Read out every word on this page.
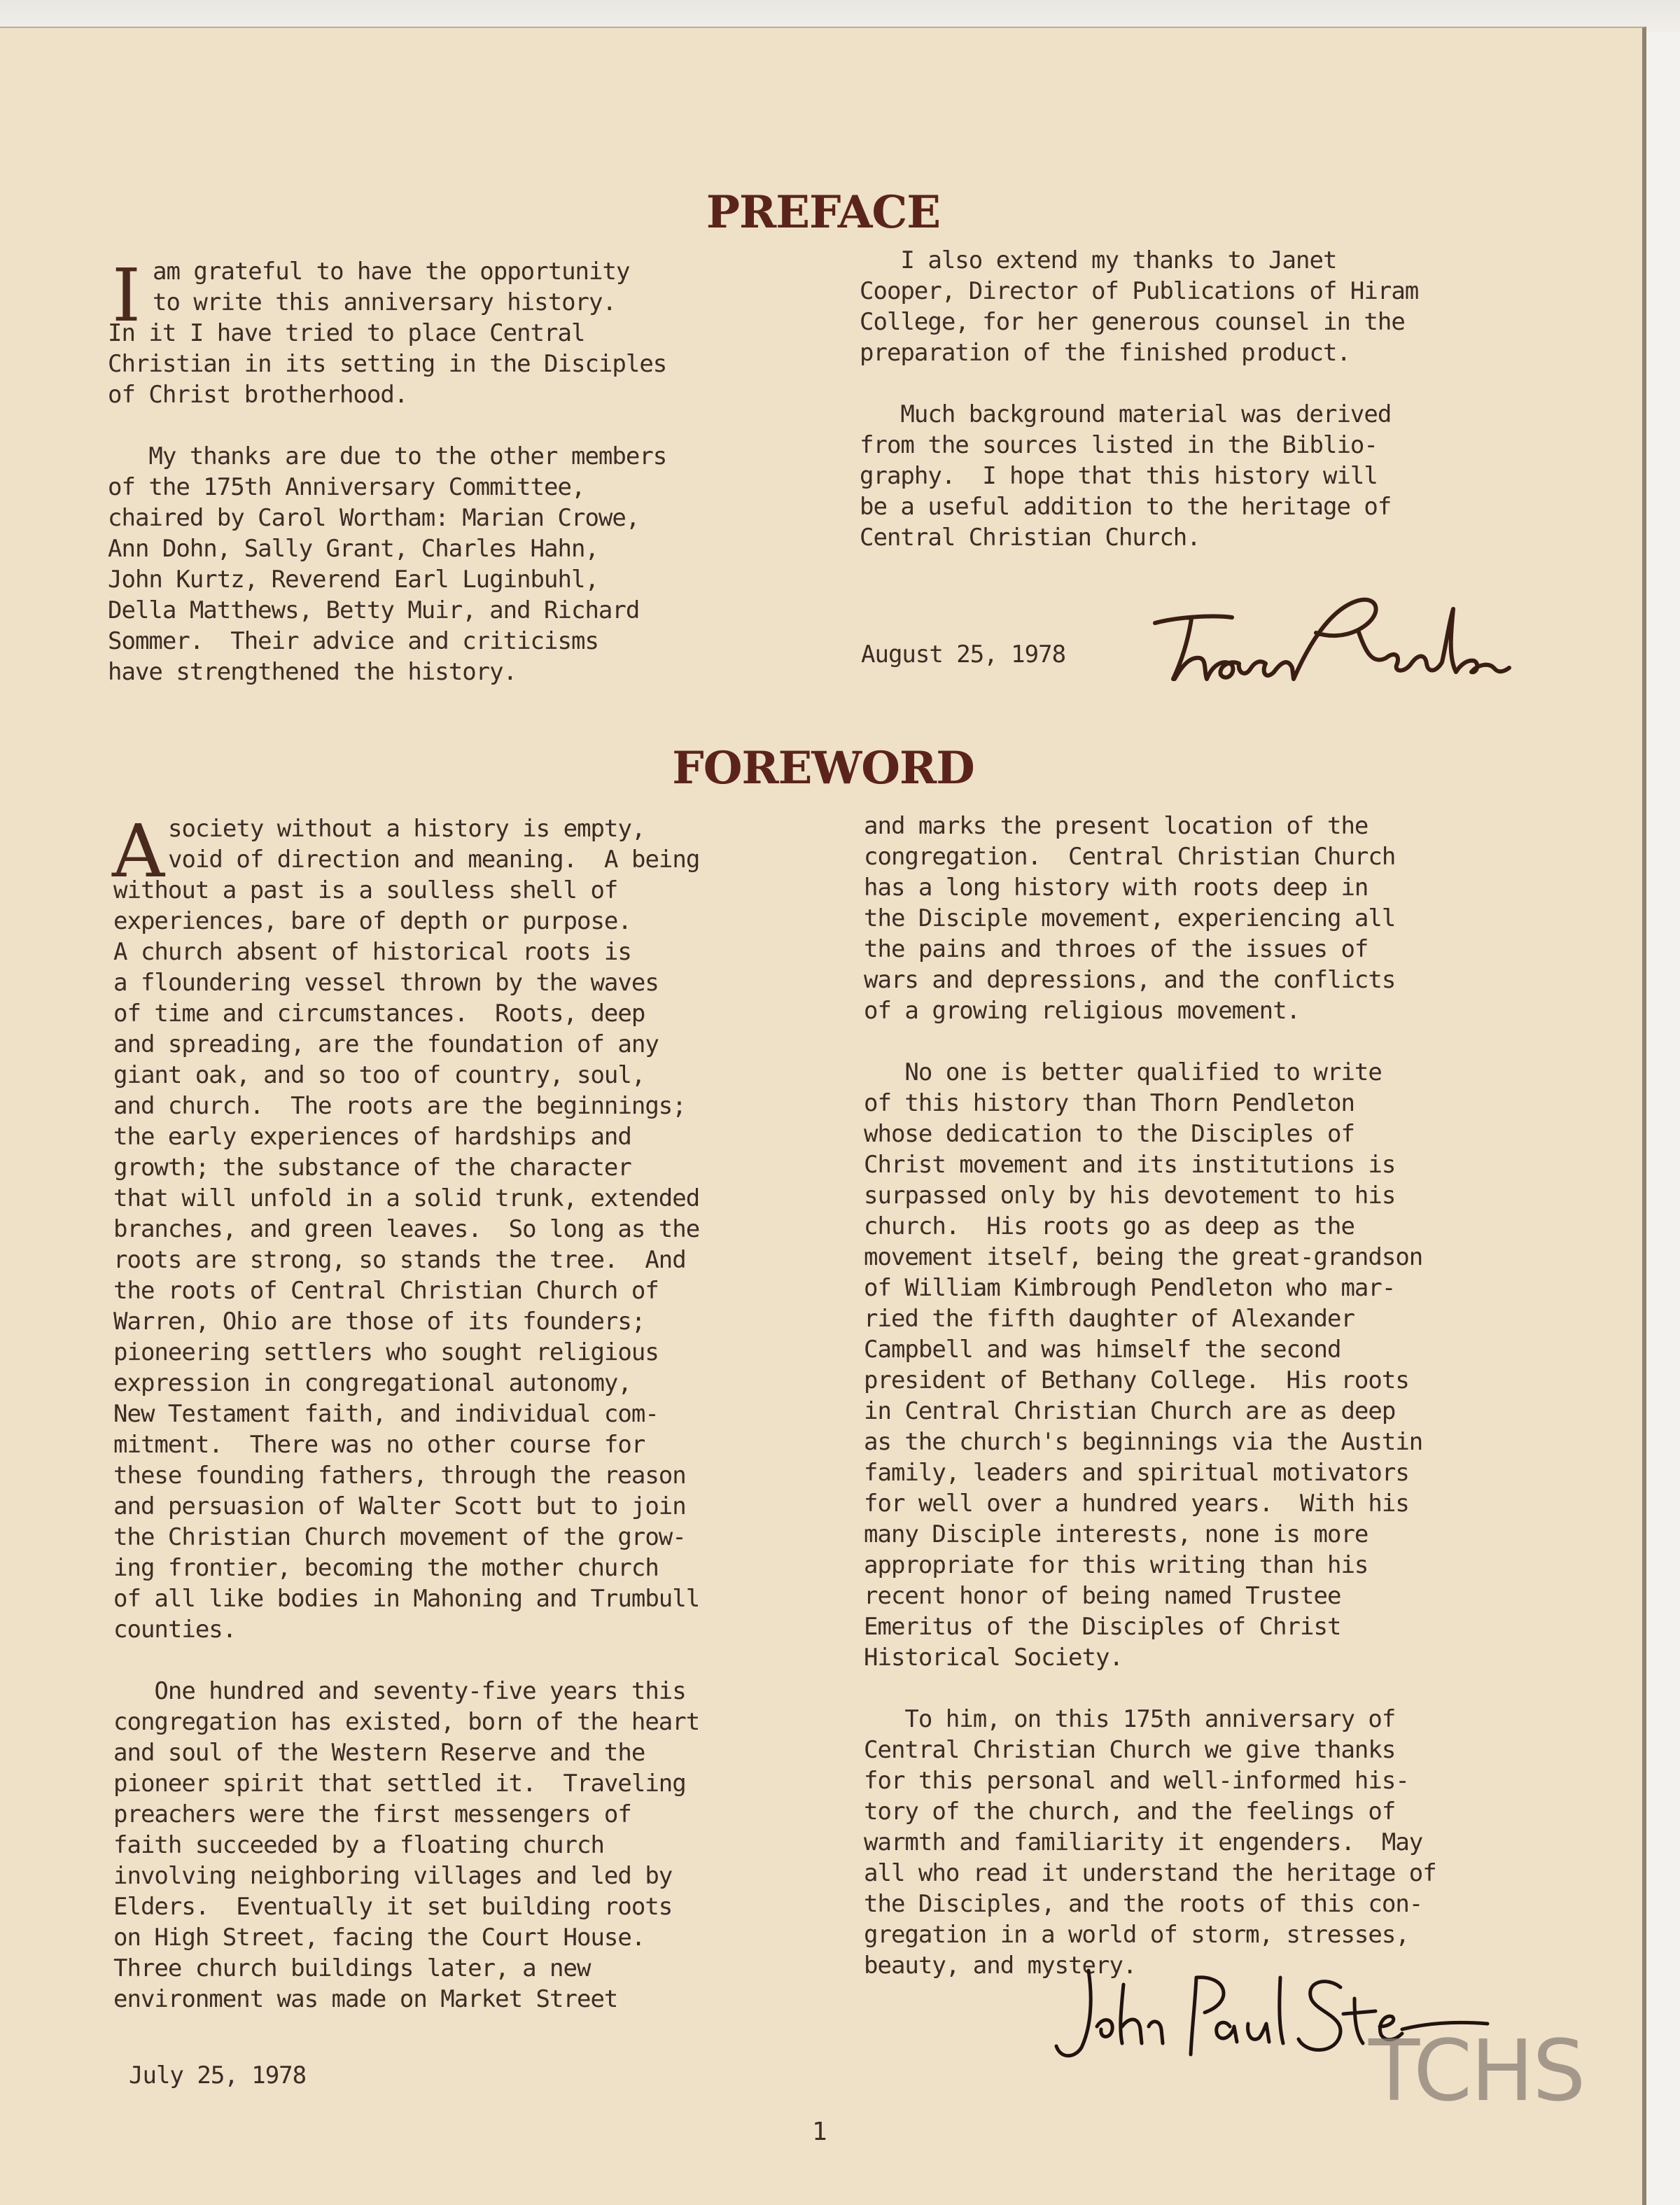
PREFACE
I am grateful to have the opportunity
to write this anniversary history.
In it I have tried to place Central
Christian in its setting in the Disciples
of Christ brotherhood.

My thanks are due to the other members
of the 175th Anniversary Committee,
chaired by Carol Wortham: Marian Crowe,
Ann Dohn, Sally Grant, Charles Hahn,
John Kurtz, Reverend Earl Luginbuhl,
Della Matthews, Betty Muir, and Richard
Sommer.  Their advice and criticisms
have strengthened the history.
I also extend my thanks to Janet
Cooper, Director of Publications of Hiram
College, for her generous counsel in the
preparation of the finished product.

Much background material was derived
from the sources listed in the Biblio-
graphy.  I hope that this history will
be a useful addition to the heritage of
Central Christian Church.
August 25, 1978
FOREWORD
A society without a history is empty,
void of direction and meaning.  A being
without a past is a soulless shell of
experiences, bare of depth or purpose.
A church absent of historical roots is
a floundering vessel thrown by the waves
of time and circumstances.  Roots, deep
and spreading, are the foundation of any
giant oak, and so too of country, soul,
and church.  The roots are the beginnings;
the early experiences of hardships and
growth; the substance of the character
that will unfold in a solid trunk, extended
branches, and green leaves.  So long as the
roots are strong, so stands the tree.  And
the roots of Central Christian Church of
Warren, Ohio are those of its founders;
pioneering settlers who sought religious
expression in congregational autonomy,
New Testament faith, and individual com-
mitment.  There was no other course for
these founding fathers, through the reason
and persuasion of Walter Scott but to join
the Christian Church movement of the grow-
ing frontier, becoming the mother church
of all like bodies in Mahoning and Trumbull
counties.

One hundred and seventy-five years this
congregation has existed, born of the heart
and soul of the Western Reserve and the
pioneer spirit that settled it.  Traveling
preachers were the first messengers of
faith succeeded by a floating church
involving neighboring villages and led by
Elders.  Eventually it set building roots
on High Street, facing the Court House.
Three church buildings later, a new
environment was made on Market Street
and marks the present location of the
congregation.  Central Christian Church
has a long history with roots deep in
the Disciple movement, experiencing all
the pains and throes of the issues of
wars and depressions, and the conflicts
of a growing religious movement.

No one is better qualified to write
of this history than Thorn Pendleton
whose dedication to the Disciples of
Christ movement and its institutions is
surpassed only by his devotement to his
church.  His roots go as deep as the
movement itself, being the great-grandson
of William Kimbrough Pendleton who mar-
ried the fifth daughter of Alexander
Campbell and was himself the second
president of Bethany College.  His roots
in Central Christian Church are as deep
as the church's beginnings via the Austin
family, leaders and spiritual motivators
for well over a hundred years.  With his
many Disciple interests, none is more
appropriate for this writing than his
recent honor of being named Trustee
Emeritus of the Disciples of Christ
Historical Society.

To him, on this 175th anniversary of
Central Christian Church we give thanks
for this personal and well-informed his-
tory of the church, and the feelings of
warmth and familiarity it engenders.  May
all who read it understand the heritage of
the Disciples, and the roots of this con-
gregation in a world of storm, stresses,
beauty, and mystery.
July 25, 1978	TCHS
1
